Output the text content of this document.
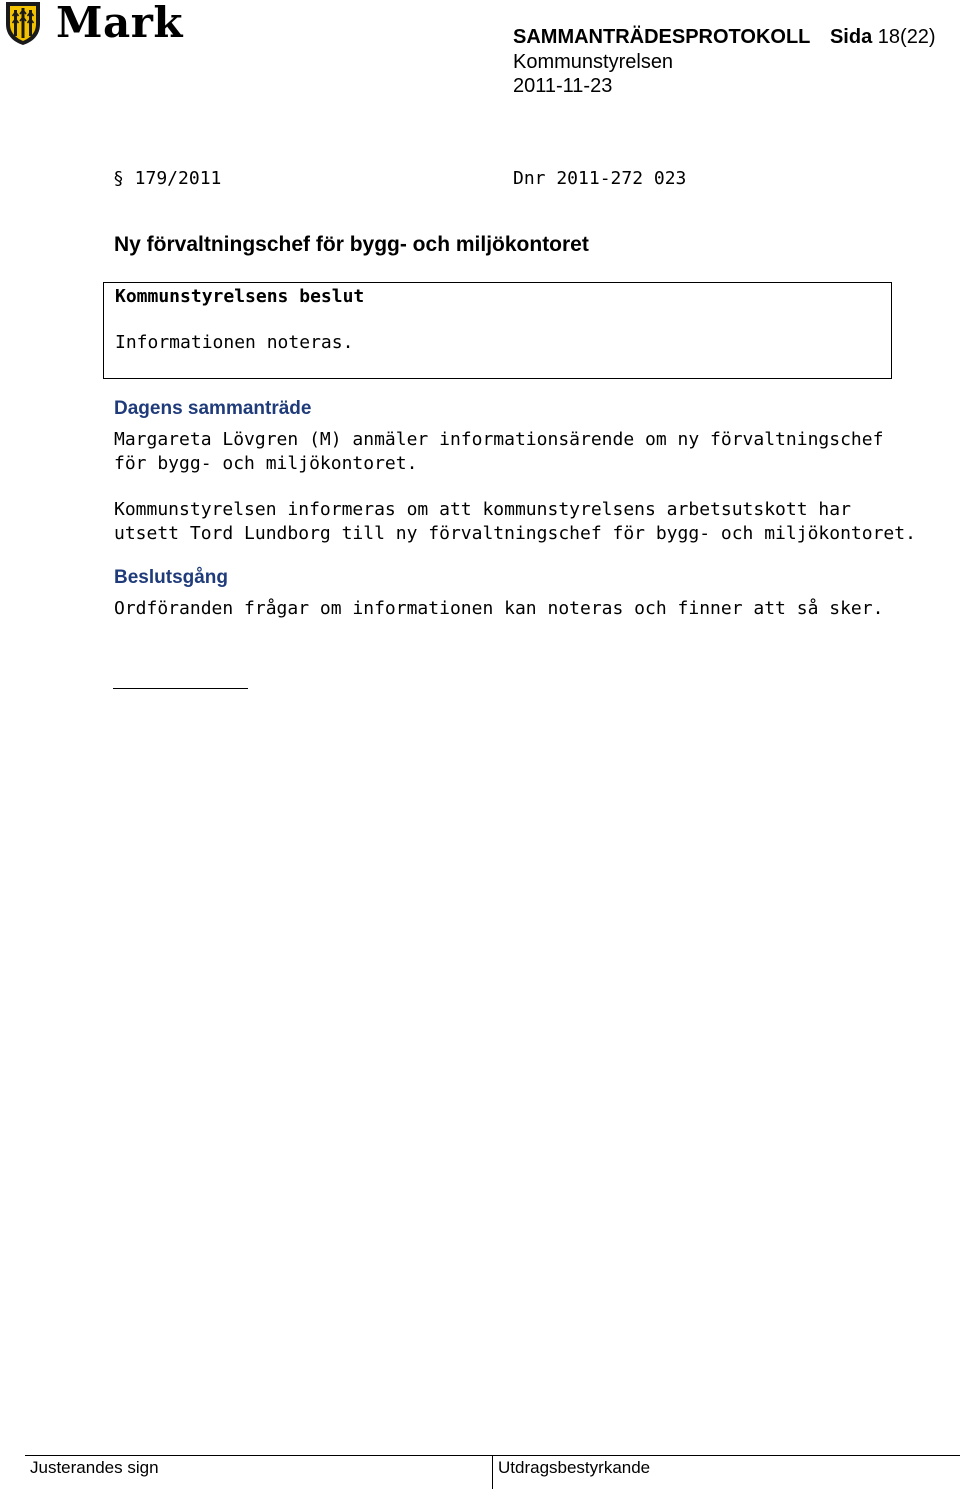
Mark	SAMMANTRÄDESPROTOKOLL Sida 18(22)
Kommunstyrelsen
2011-11-23
§ 179/2011	Dnr 2011-272 023
Ny förvaltningschef för bygg- och miljökontoret
Kommunstyrelsens beslut
Informationen noteras.
Dagens sammanträde
Margareta Lövgren (M) anmäler informationsärende om ny förvaltningschef
för bygg- och miljökontoret.
Kommunstyrelsen informeras om att kommunstyrelsens arbetsutskott har
utsett Tord Lundborg till ny förvaltningschef för bygg- och miljökontoret.
Beslutsgång
Ordföranden frågar om informationen kan noteras och finner att så sker.
Justerandes sign	Utdragsbestyrkande
